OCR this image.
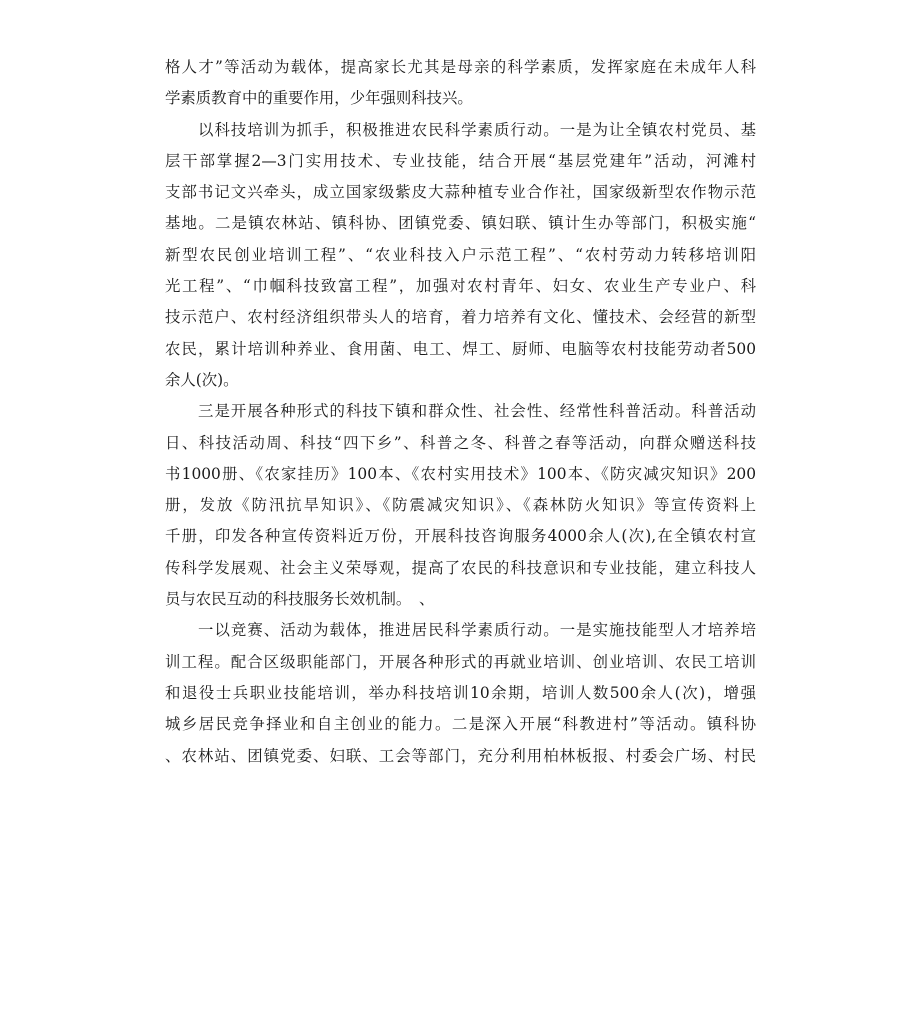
格人才”等活动为载体，提高家长尤其是母亲的科学素质，发挥家庭在未成年人科
学素质教育中的重要作用，少年强则科技兴。
以科技培训为抓手，积极推进农民科学素质行动。一是为让全镇农村党员、基
层干部掌握2—3门实用技术、专业技能，结合开展“基层党建年”活动，河滩村
支部书记文兴牵头，成立国家级紫皮大蒜种植专业合作社，国家级新型农作物示范
基地。二是镇农林站、镇科协、团镇党委、镇妇联、镇计生办等部门，积极实施“
新型农民创业培训工程”、“农业科技入户示范工程”、“农村劳动力转移培训阳
光工程”、“巾帼科技致富工程”，加强对农村青年、妇女、农业生产专业户、科
技示范户、农村经济组织带头人的培育，着力培养有文化、懂技术、会经营的新型
农民，累计培训种养业、食用菌、电工、焊工、厨师、电脑等农村技能劳动者500
余人(次)。
三是开展各种形式的科技下镇和群众性、社会性、经常性科普活动。科普活动
日、科技活动周、科技“四下乡”、科普之冬、科普之春等活动，向群众赠送科技
书1000册、《农家挂历》100本、《农村实用技术》100本、《防灾减灾知识》200
册，发放《防汛抗旱知识》、《防震减灾知识》、《森林防火知识》等宣传资料上
千册，印发各种宣传资料近万份，开展科技咨询服务4000余人(次),在全镇农村宣
传科学发展观、社会主义荣辱观，提高了农民的科技意识和专业技能，建立科技人
员与农民互动的科技服务长效机制。　、
一以竞赛、活动为载体，推进居民科学素质行动。一是实施技能型人才培养培
训工程。配合区级职能部门，开展各种形式的再就业培训、创业培训、农民工培训
和退役士兵职业技能培训，举办科技培训10余期，培训人数500余人(次)，增强
城乡居民竞争择业和自主创业的能力。二是深入开展“科教进村”等活动。镇科协
、农林站、团镇党委、妇联、工会等部门，充分利用柏林板报、村委会广场、村民
